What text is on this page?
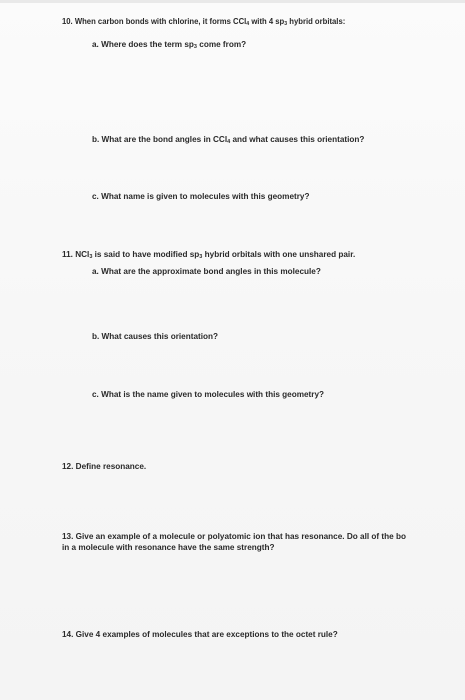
10. When carbon bonds with chlorine, it forms CCl$_4$ with 4 $sp_3$ hybrid orbitals:

a. Where does the term $sp_3$ come from?

b. What are the bond angles in CCl$_4$ and what causes this orientation?

c. What name is given to molecules with this geometry?

11. NCl$_3$ is said to have modified $sp_3$ hybrid orbitals with one unshared pair.

a. What are the approximate bond angles in this molecule?

b. What causes this orientation?

c. What is the name given to molecules with this geometry?

12. Define resonance.

13. Give an example of a molecule or polyatomic ion that has resonance. Do all of the bo

in a molecule with resonance have the same strength?

14. Give 4 examples of molecules that are exceptions to the octet rule?
